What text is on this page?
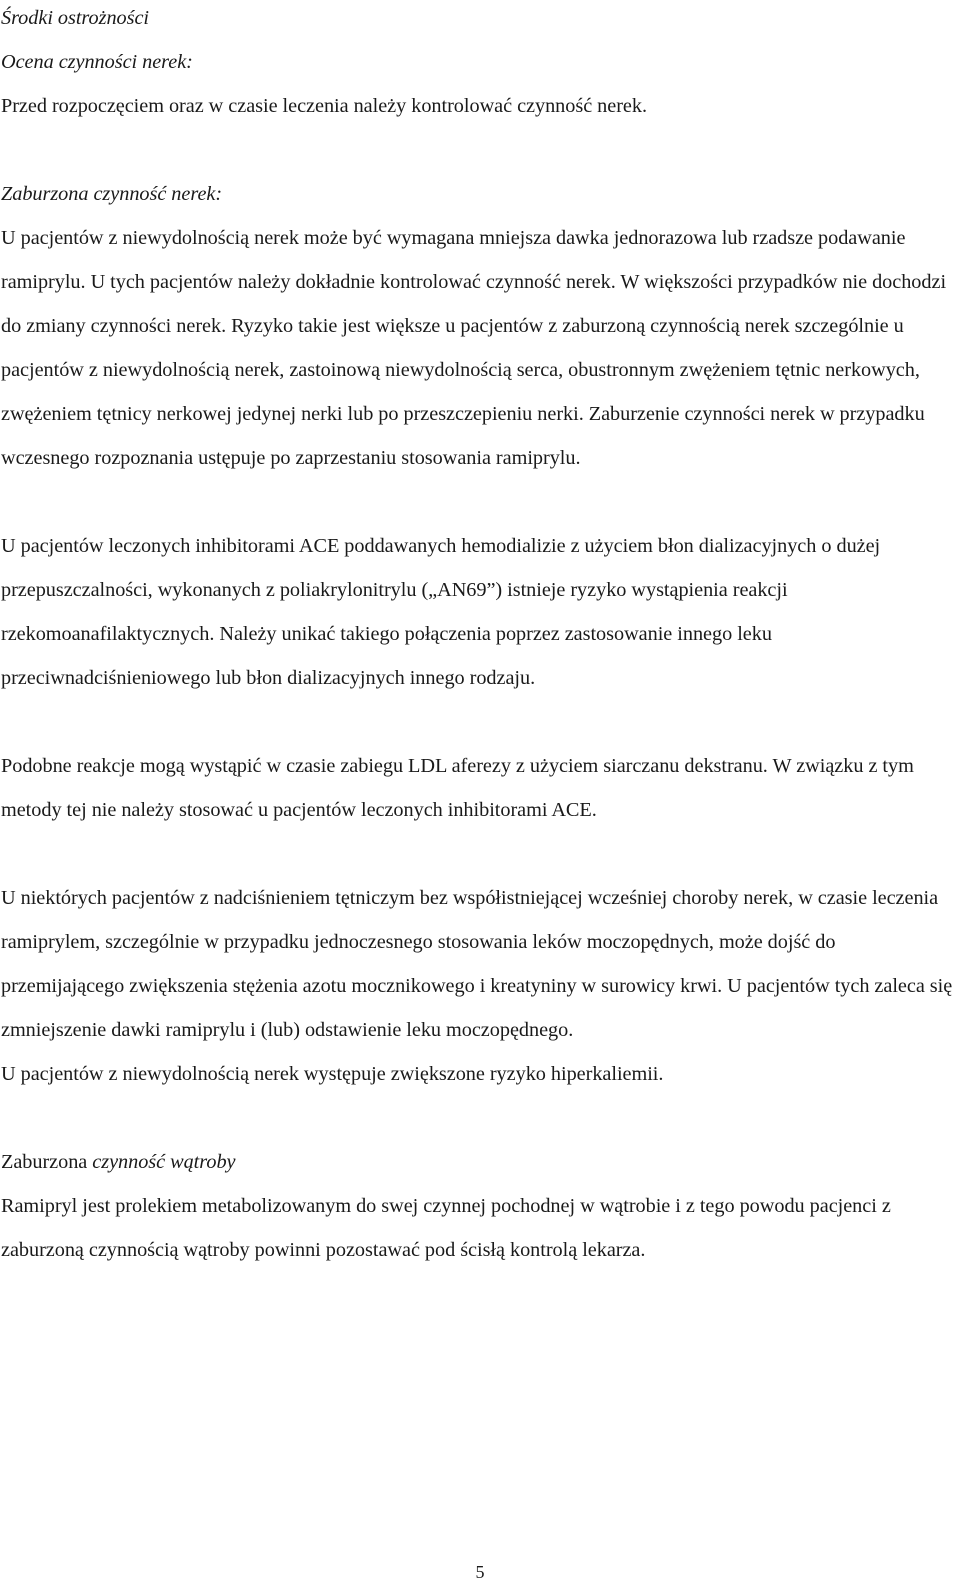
Środki ostrożności

Ocena czynności nerek:

Przed rozpoczęciem oraz w czasie leczenia należy kontrolować czynność nerek.

Zaburzona czynność nerek:

U pacjentów z niewydolnością nerek może być wymagana mniejsza dawka jednorazowa lub rzadsze podawanie ramiprylu. U tych pacjentów należy dokładnie kontrolować czynność nerek. W większości przypadków nie dochodzi do zmiany czynności nerek. Ryzyko takie jest większe u pacjentów z zaburzoną czynnością nerek szczególnie u pacjentów z niewydolnością nerek, zastoinową niewydolnością serca, obustronnym zwężeniem tętnic nerkowych, zwężeniem tętnicy nerkowej jedynej nerki lub po przeszczepieniu nerki. Zaburzenie czynności nerek w przypadku wczesnego rozpoznania ustępuje po zaprzestaniu stosowania ramiprylu.

U pacjentów leczonych inhibitorami ACE poddawanych hemodializie z użyciem błon dializacyjnych o dużej przepuszczalności, wykonanych z poliakrylonitrylu („AN69”) istnieje ryzyko wystąpienia reakcji rzekomoanafilaktycznych. Należy unikać takiego połączenia poprzez zastosowanie innego leku przeciwnadciśnieniowego lub błon dializacyjnych innego rodzaju.

Podobne reakcje mogą wystąpić w czasie zabiegu LDL aferezy z użyciem siarczanu dekstranu. W związku z tym metody tej nie należy stosować u pacjentów leczonych inhibitorami ACE.

U niektórych pacjentów z nadciśnieniem tętniczym bez współistniejącej wcześniej choroby nerek, w czasie leczenia ramiprylem, szczególnie w przypadku jednoczesnego stosowania leków moczopędnych, może dojść do przemijającego zwiększenia stężenia azotu mocznikowego i kreatyniny w surowicy krwi. U pacjentów tych zaleca się zmniejszenie dawki ramiprylu i (lub) odstawienie leku moczopędnego.

U pacjentów z niewydolnością nerek występuje zwiększone ryzyko hiperkaliemii.

Zaburzona czynność wątroby

Ramipryl jest prolekiem metabolizowanym do swej czynnej pochodnej w wątrobie i z tego powodu pacjenci z zaburzoną czynnością wątroby powinni pozostawać pod ścisłą kontrolą lekarza.

5
